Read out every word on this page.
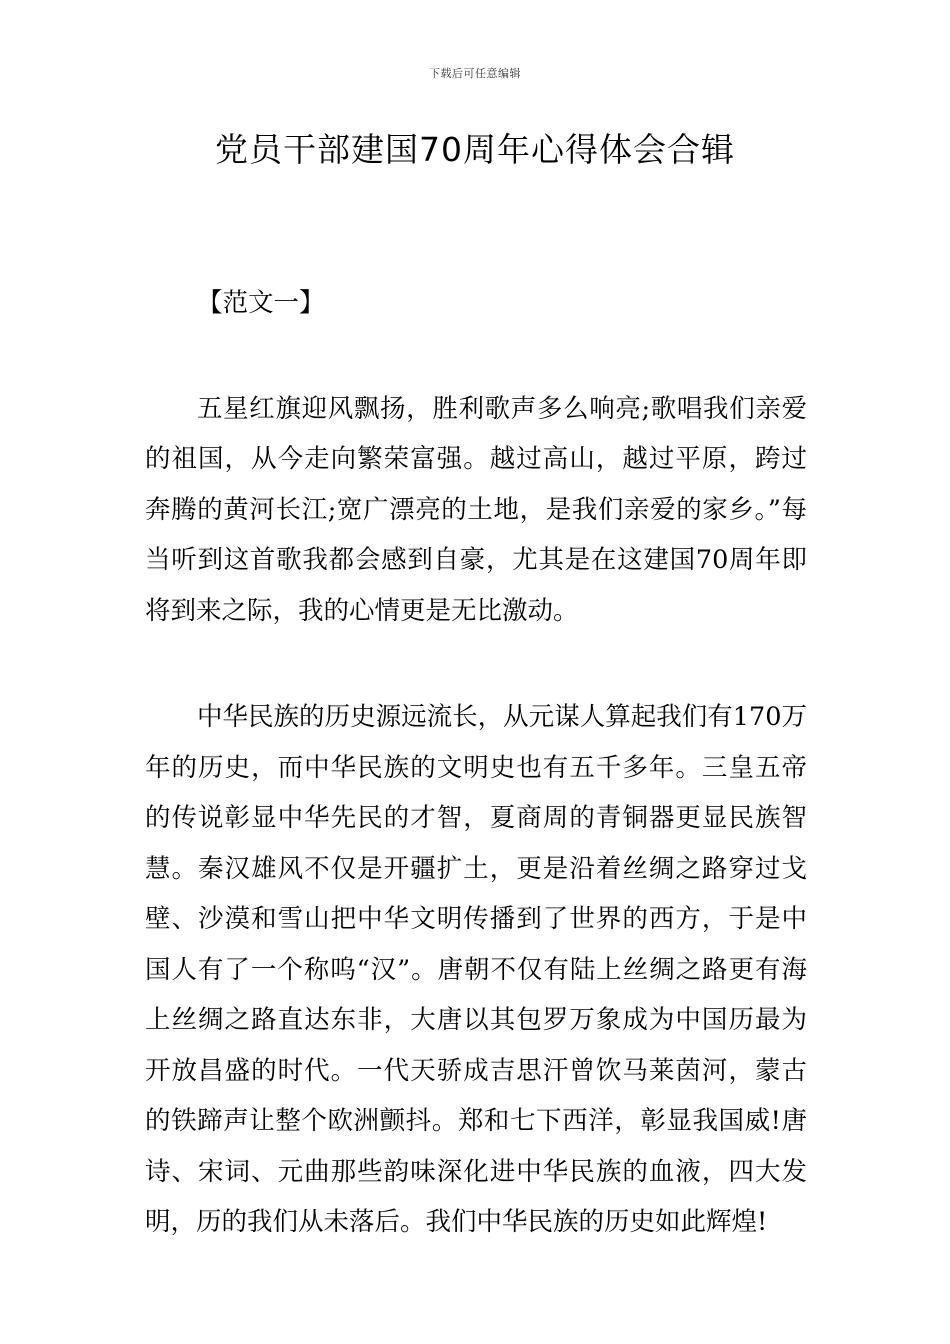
下载后可任意编辑
党员干部建国70周年心得体会合辑

【范文一】

五星红旗迎风飘扬，胜利歌声多么响亮;歌唱我们亲爱的祖国，从今走向繁荣富强。越过高山，越过平原，跨过奔腾的黄河长江;宽广漂亮的土地，是我们亲爱的家乡。”每当听到这首歌我都会感到自豪，尤其是在这建国70周年即将到来之际，我的心情更是无比激动。

中华民族的历史源远流长，从元谋人算起我们有170万年的历史，而中华民族的文明史也有五千多年。三皇五帝的传说彰显中华先民的才智，夏商周的青铜器更显民族智慧。秦汉雄风不仅是开疆扩土，更是沿着丝绸之路穿过戈壁、沙漠和雪山把中华文明传播到了世界的西方，于是中国人有了一个称呜“汉”。唐朝不仅有陆上丝绸之路更有海上丝绸之路直达东非，大唐以其包罗万象成为中国历最为开放昌盛的时代。一代天骄成吉思汗曾饮马莱茵河，蒙古的铁蹄声让整个欧洲颤抖。郑和七下西洋，彰显我国威!唐诗、宋词、元曲那些韵味深化进中华民族的血液，四大发明，历的我们从未落后。我们中华民族的历史如此辉煌!
